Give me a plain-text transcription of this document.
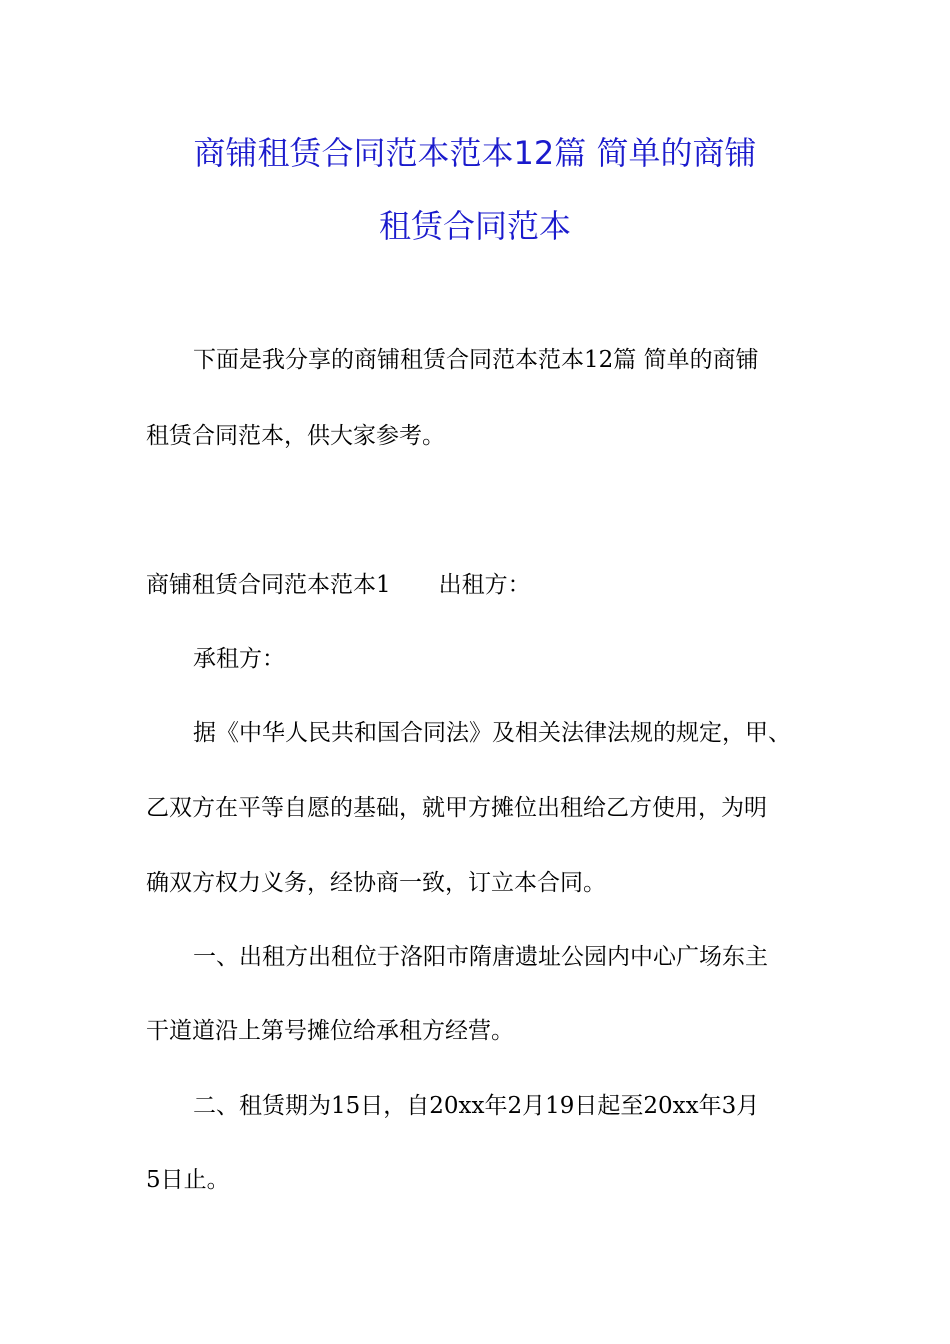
商铺租赁合同范本范本12篇 简单的商铺
租赁合同范本
下面是我分享的商铺租赁合同范本范本12篇 简单的商铺
租赁合同范本，供大家参考。
商铺租赁合同范本范本1 出租方：
承租方：
据《中华人民共和国合同法》及相关法律法规的规定，甲、
乙双方在平等自愿的基础，就甲方摊位出租给乙方使用，为明
确双方权力义务，经协商一致，订立本合同。
一、出租方出租位于洛阳市隋唐遗址公园内中心广场东主
干道道沿上第号摊位给承租方经营。
二、租赁期为15日，自20xx年2月19日起至20xx年3月
5日止。
